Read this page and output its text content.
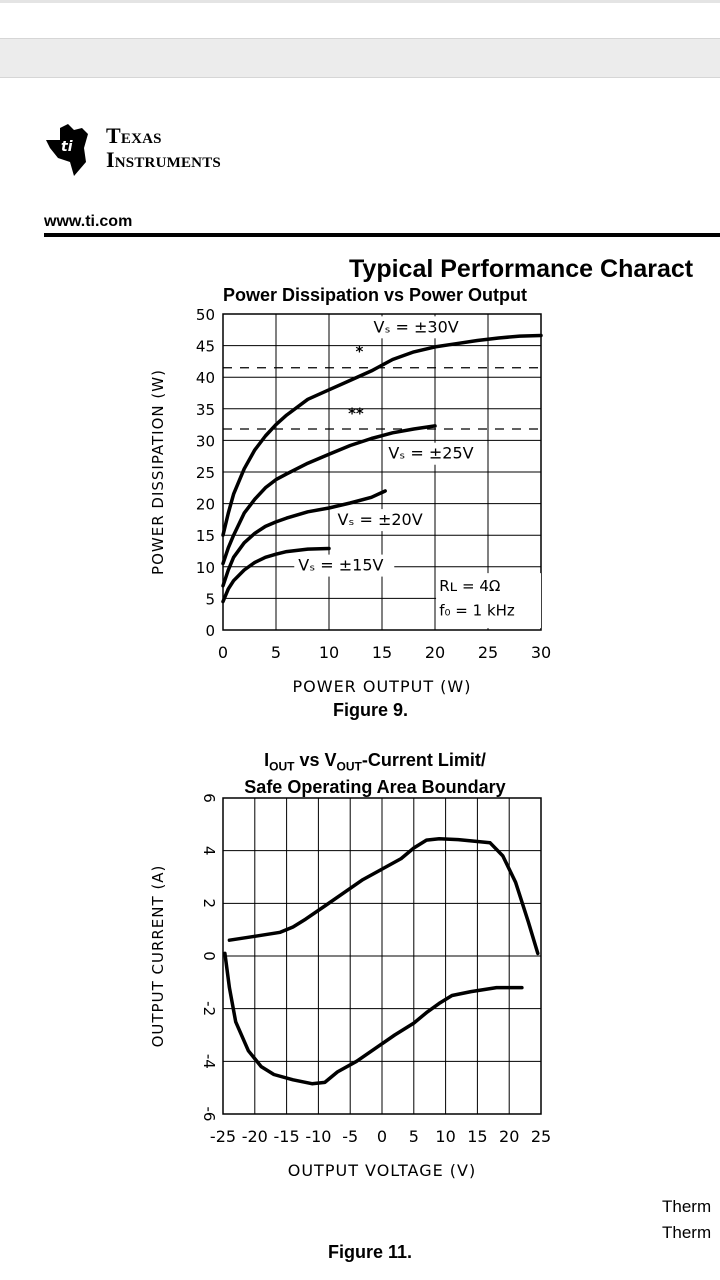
ti Texas
Instruments
www.ti.com
Typical Performance Charact
Power Dissipation vs Power Output
0	5 10 15 20 25 30
0
5
10
15
20
25
30
35
40
45
50
POWER OUTPUT (W)
POWER DISSIPATION (W)
Vₛ = ±30V
Vₛ = ±25V
Vₛ = ±20V
Vₛ = ±15V
*
**
Rʟ = 4Ω
f₀ = 1 kHz
Figure 9.
$I_{OUT}$ vs $V_{OUT}$-Current Limit/
Safe Operating Area Boundary
-25 -20 -15 -10 -5 0 5 10 15 20 25
-6
-4
-2
0
2
4
6
OUTPUT VOLTAGE (V)
OUTPUT CURRENT (A)
Figure 11.
Therm
Therm
